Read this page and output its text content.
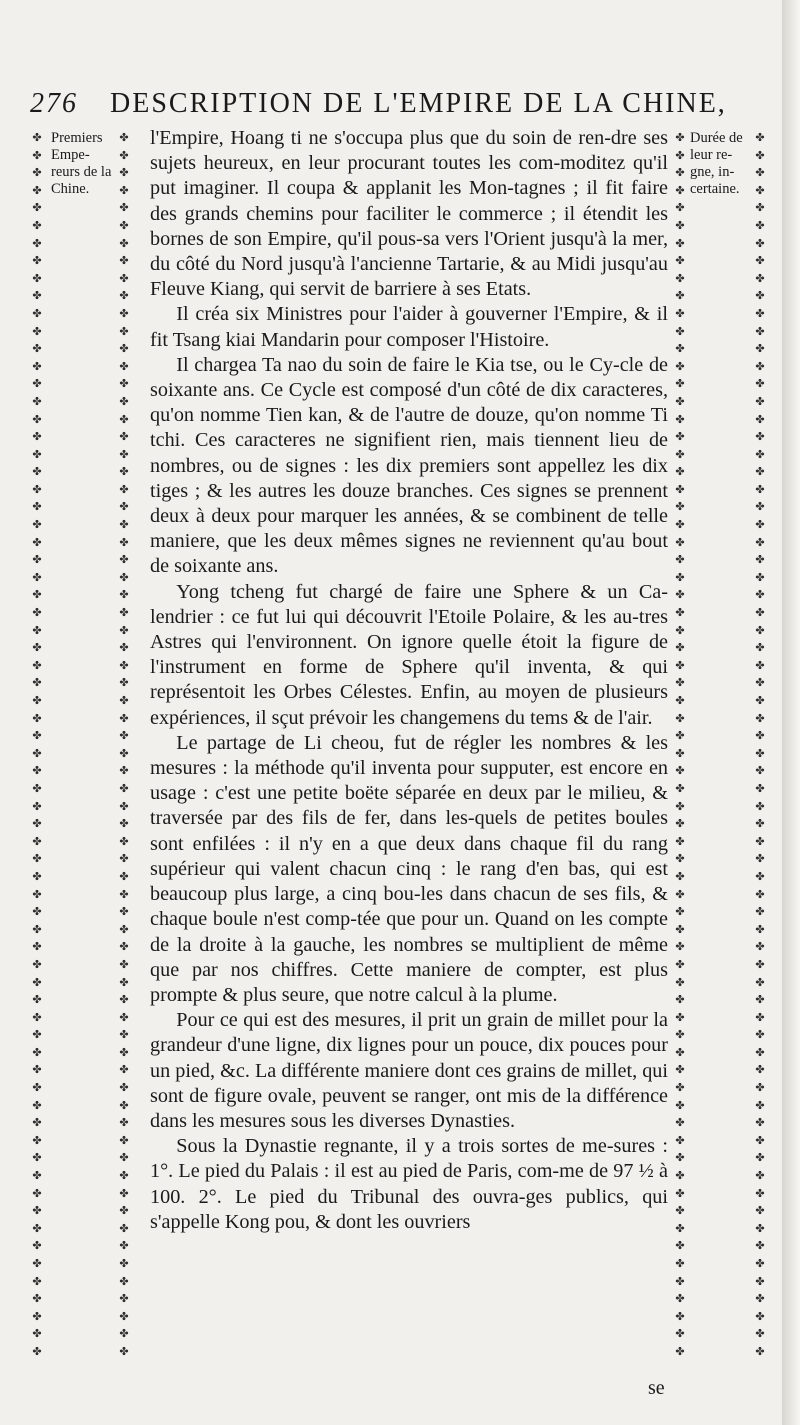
276 DESCRIPTION DE L'EMPIRE DE LA CHINE,
✤
✤
✤
✤
✤
✤
✤
✤
✤
✤
✤
✤
✤
✤
✤
✤
✤
✤
✤
✤
✤
✤
✤
✤
✤
✤
✤
✤
✤
✤
✤
✤
✤
✤
✤
✤
✤
✤
✤
✤
✤
✤
✤
✤
✤
✤
✤
✤
✤
✤
✤
✤
✤
✤
✤
✤
✤
✤
✤
✤
✤
✤
✤
✤
✤
✤
✤
✤
✤
✤
✤
✤
✤
✤
✤
✤
✤
✤
✤
✤
✤
✤
✤
✤
✤
✤
✤
✤
✤
✤
✤
✤
✤
✤
✤
✤
✤
✤
✤
✤
✤
✤
✤
✤
✤
✤
✤
✤
✤
✤
✤
✤
✤
✤
✤
✤
✤
✤
✤
✤
✤
✤
✤
✤
✤
✤
✤
✤
✤
✤
✤
✤
✤
✤
✤
✤
✤
✤
✤
✤
✤
✤
✤
✤
✤
✤
✤
✤
✤
✤
✤
✤
✤
✤
✤
✤
✤
✤
✤
✤
✤
✤
✤
✤
✤
✤
✤
✤
✤
✤
✤
✤
✤
✤
✤
✤
✤
✤
✤
✤
✤
✤
✤
✤
✤
✤
✤
✤
✤
✤
✤
✤
✤
✤
✤
✤
✤
✤
✤
✤
✤
✤
✤
✤
✤
✤
✤
✤
✤
✤
✤
✤
✤
✤
✤
✤
✤
✤
✤
✤
✤
✤
✤
✤
✤
✤
✤
✤
✤
✤
✤
✤
✤
✤
✤
✤
✤
✤
✤
✤
✤
✤
✤
✤
✤
✤
✤
✤
✤
✤
✤
✤
✤
✤
✤
✤
✤
✤
✤
✤
✤
✤
✤
✤
✤
✤
✤
✤
✤
✤
✤
✤
✤
✤
✤
✤
✤
✤
✤
✤
Premiers Empe-reurs de la Chine.
Durée de leur re-gne, in-certaine.

l'Empire, Hoang ti ne s'occupa plus que du soin de ren-dre ses sujets heureux, en leur procurant toutes les com-moditez qu'il put imaginer. Il coupa & applanit les Mon-tagnes ; il fit faire des grands chemins pour faciliter le commerce ; il étendit les bornes de son Empire, qu'il pous-sa vers l'Orient jusqu'à la mer, du côté du Nord jusqu'à l'ancienne Tartarie, & au Midi jusqu'au Fleuve Kiang, qui servit de barriere à ses Etats.

Il créa six Ministres pour l'aider à gouverner l'Empire, & il fit Tsang kiai Mandarin pour composer l'Histoire.

Il chargea Ta nao du soin de faire le Kia tse, ou le Cy-cle de soixante ans. Ce Cycle est composé d'un côté de dix caracteres, qu'on nomme Tien kan, & de l'autre de douze, qu'on nomme Ti tchi. Ces caracteres ne signifient rien, mais tiennent lieu de nombres, ou de signes : les dix premiers sont appellez les dix tiges ; & les autres les douze branches. Ces signes se prennent deux à deux pour marquer les années, & se combinent de telle maniere, que les deux mêmes signes ne reviennent qu'au bout de soixante ans.

Yong tcheng fut chargé de faire une Sphere & un Ca-lendrier : ce fut lui qui découvrit l'Etoile Polaire, & les au-tres Astres qui l'environnent. On ignore quelle étoit la figure de l'instrument en forme de Sphere qu'il inventa, & qui représentoit les Orbes Célestes. Enfin, au moyen de plusieurs expériences, il sçut prévoir les changemens du tems & de l'air.

Le partage de Li cheou, fut de régler les nombres & les mesures : la méthode qu'il inventa pour supputer, est encore en usage : c'est une petite boëte séparée en deux par le milieu, & traversée par des fils de fer, dans les-quels de petites boules sont enfilées : il n'y en a que deux dans chaque fil du rang supérieur qui valent chacun cinq : le rang d'en bas, qui est beaucoup plus large, a cinq bou-les dans chacun de ses fils, & chaque boule n'est comp-tée que pour un. Quand on les compte de la droite à la gauche, les nombres se multiplient de même que par nos chiffres. Cette maniere de compter, est plus prompte & plus seure, que notre calcul à la plume.

Pour ce qui est des mesures, il prit un grain de millet pour la grandeur d'une ligne, dix lignes pour un pouce, dix pouces pour un pied, &c. La différente maniere dont ces grains de millet, qui sont de figure ovale, peuvent se ranger, ont mis de la différence dans les mesures sous les diverses Dynasties.

Sous la Dynastie regnante, il y a trois sortes de me-sures : 1°. Le pied du Palais : il est au pied de Paris, com-me de 97 ½ à 100. 2°. Le pied du Tribunal des ouvra-ges publics, qui s'appelle Kong pou, & dont les ouvriers

se
